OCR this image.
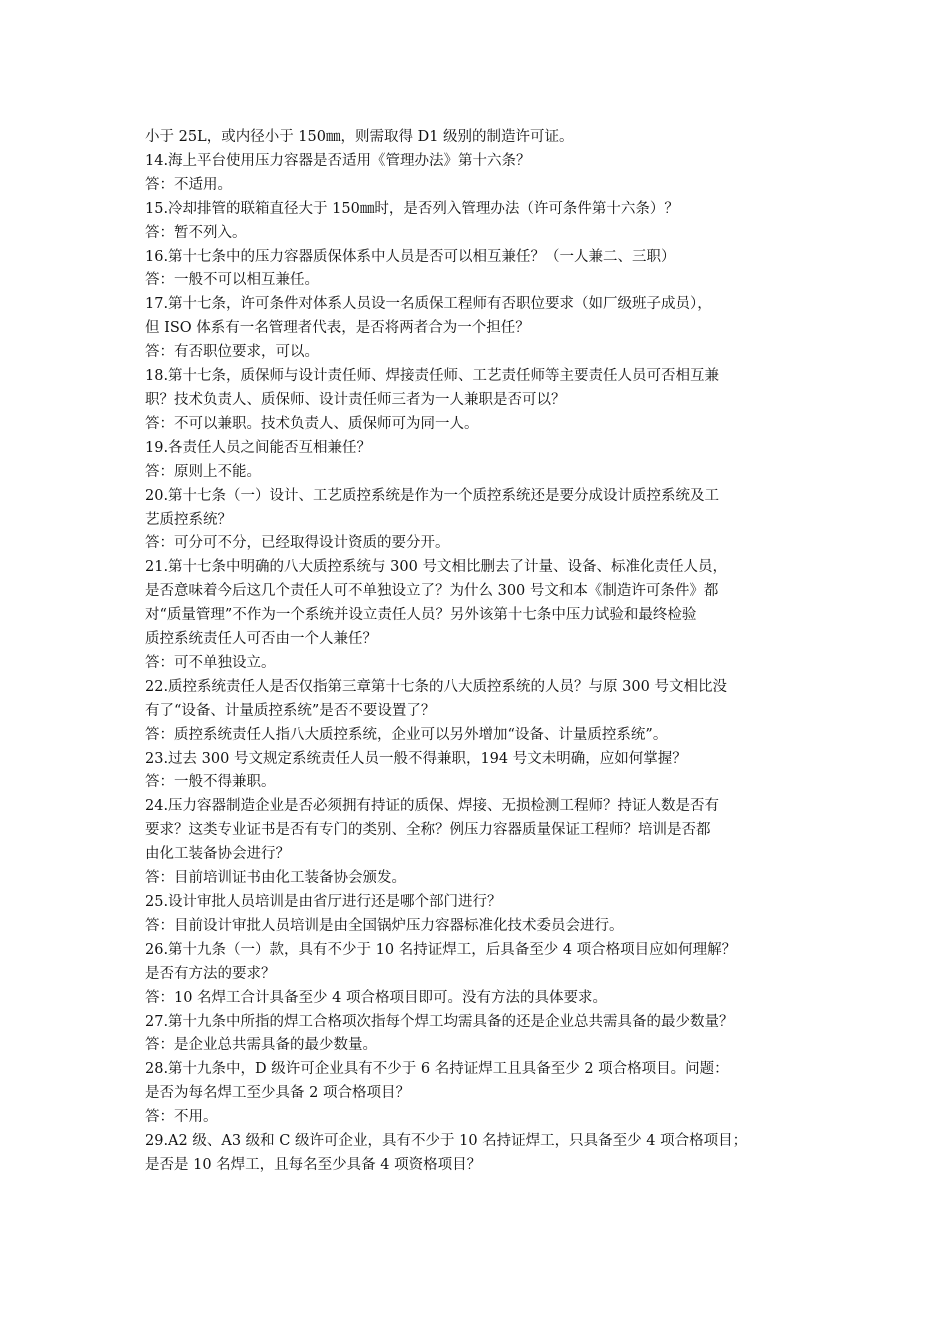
小于 25L，或内径小于 150㎜，则需取得 D1 级别的制造许可证。
14.海上平台使用压力容器是否适用《管理办法》第十六条？
答：不适用。
15.冷却排管的联箱直径大于 150㎜时，是否列入管理办法（许可条件第十六条）？
答：暂不列入。
16.第十七条中的压力容器质保体系中人员是否可以相互兼任？（一人兼二、三职）
答：一般不可以相互兼任。
17.第十七条，许可条件对体系人员设一名质保工程师有否职位要求（如厂级班子成员），
但 ISO 体系有一名管理者代表，是否将两者合为一个担任？
答：有否职位要求，可以。
18.第十七条，质保师与设计责任师、焊接责任师、工艺责任师等主要责任人员可否相互兼
职？技术负责人、质保师、设计责任师三者为一人兼职是否可以？
答：不可以兼职。技术负责人、质保师可为同一人。
19.各责任人员之间能否互相兼任？
答：原则上不能。
20.第十七条（一）设计、工艺质控系统是作为一个质控系统还是要分成设计质控系统及工
艺质控系统？
答：可分可不分，已经取得设计资质的要分开。
21.第十七条中明确的八大质控系统与 300 号文相比删去了计量、设备、标准化责任人员，
是否意味着今后这几个责任人可不单独设立了？为什么 300 号文和本《制造许可条件》都
对“质量管理”不作为一个系统并设立责任人员？另外该第十七条中压力试验和最终检验
质控系统责任人可否由一个人兼任？
答：可不单独设立。
22.质控系统责任人是否仅指第三章第十七条的八大质控系统的人员？与原 300 号文相比没
有了“设备、计量质控系统”是否不要设置了？
答：质控系统责任人指八大质控系统，企业可以另外增加“设备、计量质控系统”。
23.过去 300 号文规定系统责任人员一般不得兼职，194 号文未明确，应如何掌握？
答：一般不得兼职。
24.压力容器制造企业是否必须拥有持证的质保、焊接、无损检测工程师？持证人数是否有
要求？这类专业证书是否有专门的类别、全称？例压力容器质量保证工程师？培训是否都
由化工装备协会进行？
答：目前培训证书由化工装备协会颁发。
25.设计审批人员培训是由省厅进行还是哪个部门进行？
答：目前设计审批人员培训是由全国锅炉压力容器标准化技术委员会进行。
26.第十九条（一）款，具有不少于 10 名持证焊工，后具备至少 4 项合格项目应如何理解？
是否有方法的要求？
答：10 名焊工合计具备至少 4 项合格项目即可。没有方法的具体要求。
27.第十九条中所指的焊工合格项次指每个焊工均需具备的还是企业总共需具备的最少数量？
答：是企业总共需具备的最少数量。
28.第十九条中，D 级许可企业具有不少于 6 名持证焊工且具备至少 2 项合格项目。问题：
是否为每名焊工至少具备 2 项合格项目？
答：不用。
29.A2 级、A3 级和 C 级许可企业，具有不少于 10 名持证焊工，只具备至少 4 项合格项目；
是否是 10 名焊工，且每名至少具备 4 项资格项目？
